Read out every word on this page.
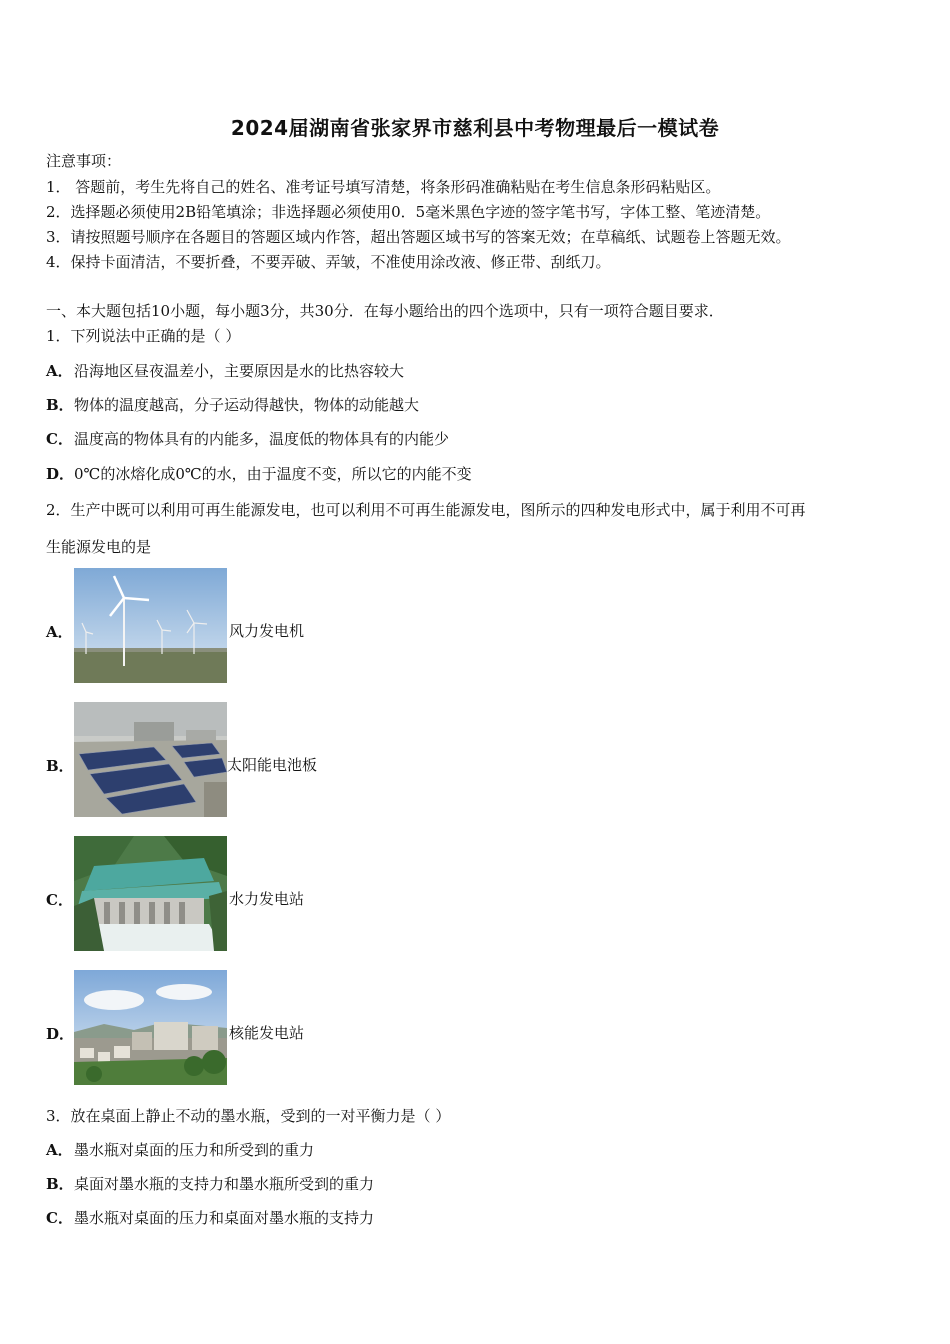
2024届湖南省张家界市慈利县中考物理最后一模试卷
注意事项：
1． 答题前，考生先将自己的姓名、准考证号填写清楚，将条形码准确粘贴在考生信息条形码粘贴区。
2．选择题必须使用2B铅笔填涂；非选择题必须使用0．5毫米黑色字迹的签字笔书写，字体工整、笔迹清楚。
3．请按照题号顺序在各题目的答题区域内作答，超出答题区域书写的答案无效；在草稿纸、试题卷上答题无效。
4．保持卡面清洁，不要折叠，不要弄破、弄皱，不准使用涂改液、修正带、刮纸刀。
一、本大题包括10小题，每小题3分，共30分．在每小题给出的四个选项中，只有一项符合题目要求．
1．下列说法中正确的是（ ）
A．沿海地区昼夜温差小，主要原因是水的比热容较大
B．物体的温度越高，分子运动得越快，物体的动能越大
C．温度高的物体具有的内能多，温度低的物体具有的内能少
D．0℃的冰熔化成0℃的水，由于温度不变，所以它的内能不变
2．生产中既可以利用可再生能源发电，也可以利用不可再生能源发电，图所示的四种发电形式中，属于利用不可再
生能源发电的是
A．	风力发电机
B．	太阳能电池板
C．	水力发电站
D．	核能发电站
3．放在桌面上静止不动的墨水瓶，受到的一对平衡力是（ ）
A．墨水瓶对桌面的压力和所受到的重力
B．桌面对墨水瓶的支持力和墨水瓶所受到的重力
C．墨水瓶对桌面的压力和桌面对墨水瓶的支持力
